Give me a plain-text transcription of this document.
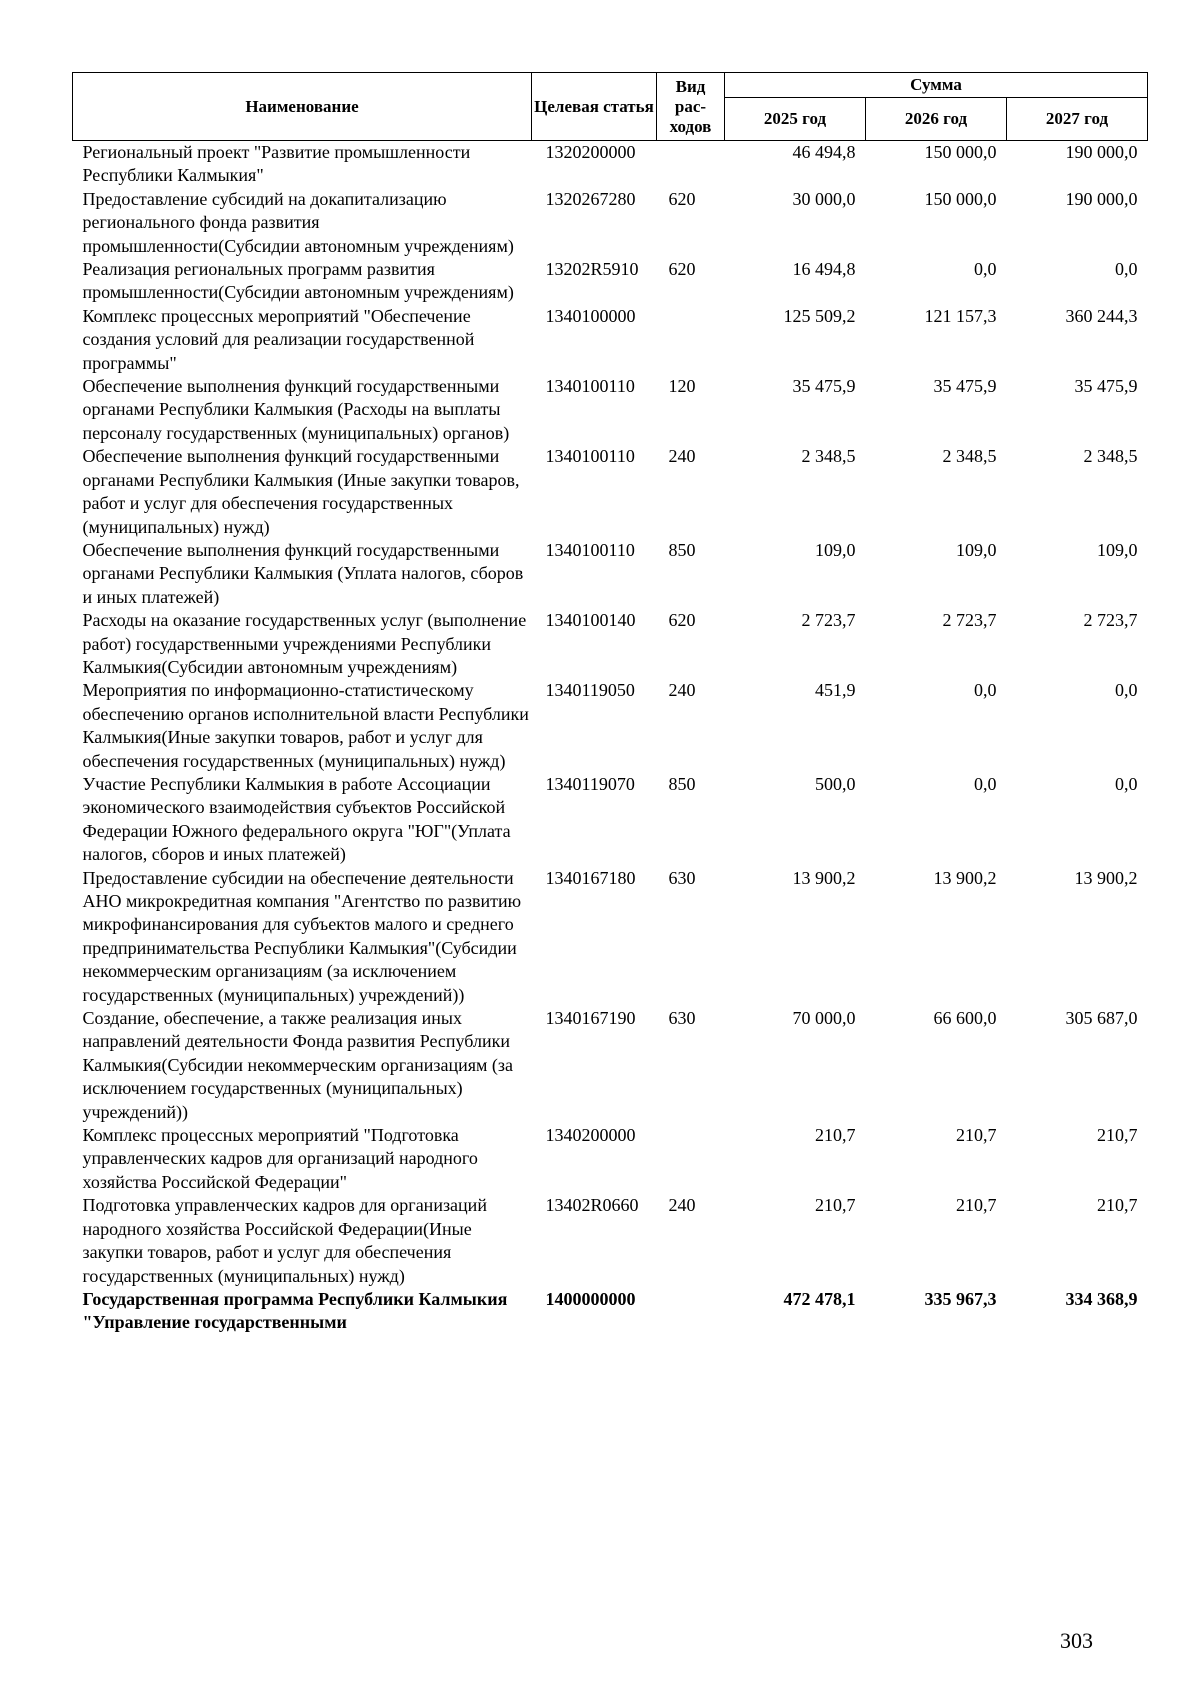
Наименование	Целевая статья	Вид рас-ходов	Сумма		
			2025 год	2026 год	2027 год
Региональный проект "Развитие промышленности Республики Калмыкия"	1320200000		46 494,8	150 000,0	190 000,0
Предоставление субсидий на докапитализацию регионального фонда развития промышленности(Субсидии автономным учреждениям)	1320267280	620	30 000,0	150 000,0	190 000,0
Реализация региональных программ развития промышленности(Субсидии автономным учреждениям)	13202R5910	620	16 494,8	0,0	0,0
Комплекс процессных мероприятий "Обеспечение создания условий для реализации государственной программы"	1340100000		125 509,2	121 157,3	360 244,3
Обеспечение выполнения функций государственными органами Республики Калмыкия (Расходы на выплаты персоналу государственных (муниципальных) органов)	1340100110	120	35 475,9	35 475,9	35 475,9
Обеспечение выполнения функций государственными органами Республики Калмыкия (Иные закупки товаров, работ и услуг для обеспечения государственных (муниципальных) нужд)	1340100110	240	2 348,5	2 348,5	2 348,5
Обеспечение выполнения функций государственными органами Республики Калмыкия (Уплата налогов, сборов и иных платежей)	1340100110	850	109,0	109,0	109,0
Расходы на оказание государственных услуг (выполнение работ) государственными учреждениями Республики Калмыкия(Субсидии автономным учреждениям)	1340100140	620	2 723,7	2 723,7	2 723,7
Мероприятия по информационно-статистическому обеспечению органов исполнительной власти Республики Калмыкия(Иные закупки товаров, работ и услуг для обеспечения государственных (муниципальных) нужд)	1340119050	240	451,9	0,0	0,0
Участие Республики Калмыкия в работе Ассоциации экономического взаимодействия субъектов Российской Федерации Южного федерального округа "ЮГ"(Уплата налогов, сборов и иных платежей)	1340119070	850	500,0	0,0	0,0
Предоставление субсидии на обеспечение деятельности АНО микрокредитная компания "Агентство по развитию микрофинансирования для субъектов малого и среднего предпринимательства Республики Калмыкия"(Субсидии некоммерческим организациям (за исключением государственных (муниципальных) учреждений))	1340167180	630	13 900,2	13 900,2	13 900,2
Создание, обеспечение, а также реализация иных направлений деятельности Фонда развития Республики Калмыкия(Субсидии некоммерческим организациям (за исключением государственных (муниципальных) учреждений))	1340167190	630	70 000,0	66 600,0	305 687,0
Комплекс процессных мероприятий "Подготовка управленческих кадров для организаций народного хозяйства Российской Федерации"	1340200000		210,7	210,7	210,7
Подготовка управленческих кадров для организаций народного хозяйства Российской Федерации(Иные закупки товаров, работ и услуг для обеспечения государственных (муниципальных) нужд)	13402R0660	240	210,7	210,7	210,7
Государственная программа Республики Калмыкия "Управление государственными	1400000000		472 478,1	335 967,3	334 368,9
303
